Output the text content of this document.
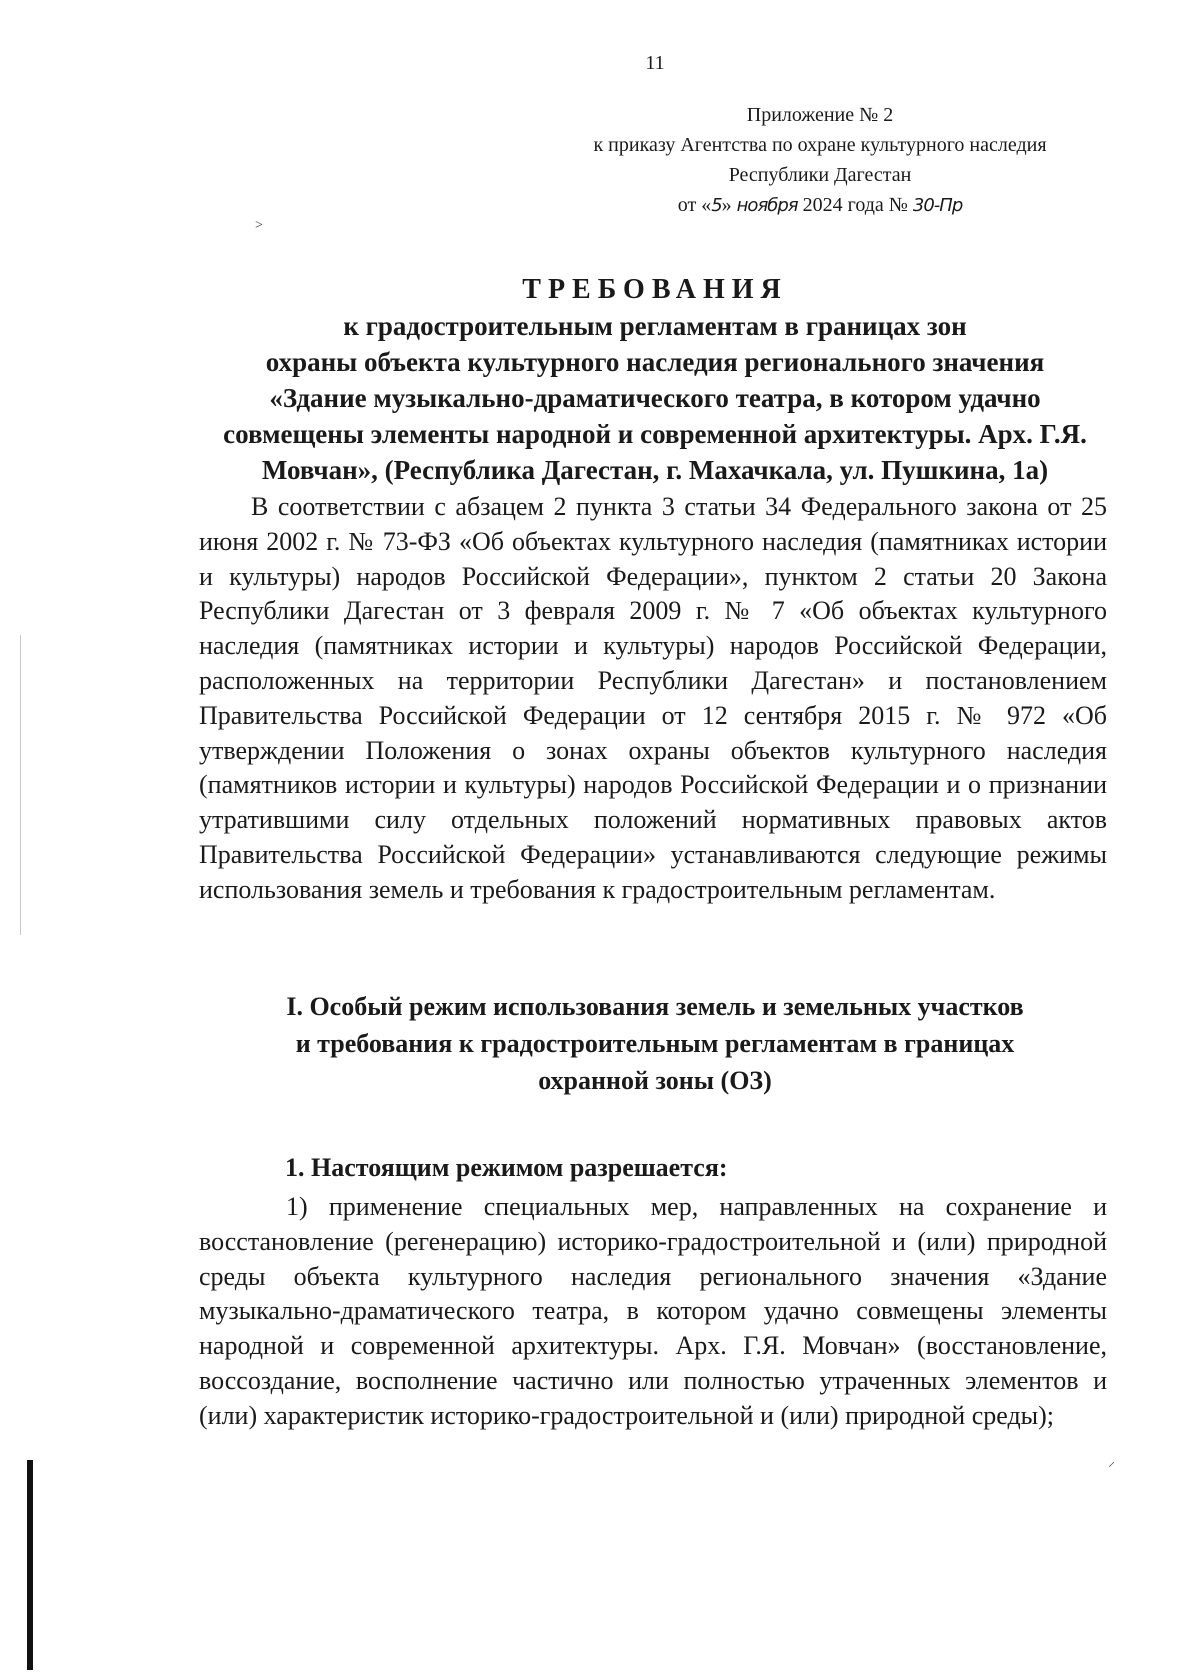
11
Приложение № 2
к приказу Агентства по охране культурного наследия
Республики Дагестан
от «5» ноября 2024 года № 30-Пр
˃
ТРЕБОВАНИЯ
к градостроительным регламентам в границах зон
охраны объекта культурного наследия регионального значения
«Здание музыкально-драматического театра, в котором удачно
совмещены элементы народной и современной архитектуры. Арх. Г.Я.
Мовчан», (Республика Дагестан, г. Махачкала, ул. Пушкина, 1а)
В соответствии с абзацем 2 пункта 3 статьи 34 Федерального закона от 25 июня 2002 г. № 73-ФЗ «Об объектах культурного наследия (памятниках истории и культуры) народов Российской Федерации», пунктом 2 статьи 20 Закона Республики Дагестан от 3 февраля 2009 г. № 7 «Об объектах культурного наследия (памятниках истории и культуры) народов Российской Федерации, расположенных на территории Республики Дагестан» и постановлением Правительства Российской Федерации от 12 сентября 2015 г. № 972 «Об утверждении Положения о зонах охраны объектов культурного наследия (памятников истории и культуры) народов Российской Федерации и о признании утратившими силу отдельных положений нормативных правовых актов Правительства Российской Федерации» устанавливаются следующие режимы использования земель и требования к градостроительным регламентам.
I. Особый режим использования земель и земельных участков
и требования к градостроительным регламентам в границах
охранной зоны (ОЗ)
1. Настоящим режимом разрешается:
1) применение специальных мер, направленных на сохранение и восстановление (регенерацию) историко-градостроительной и (или) природной среды объекта культурного наследия регионального значения «Здание музыкально-драматического театра, в котором удачно совмещены элементы народной и современной архитектуры. Арх. Г.Я. Мовчан» (восстановление, воссоздание, восполнение частично или полностью утраченных элементов и (или) характеристик историко-градостроительной и (или) природной среды);
⸝
